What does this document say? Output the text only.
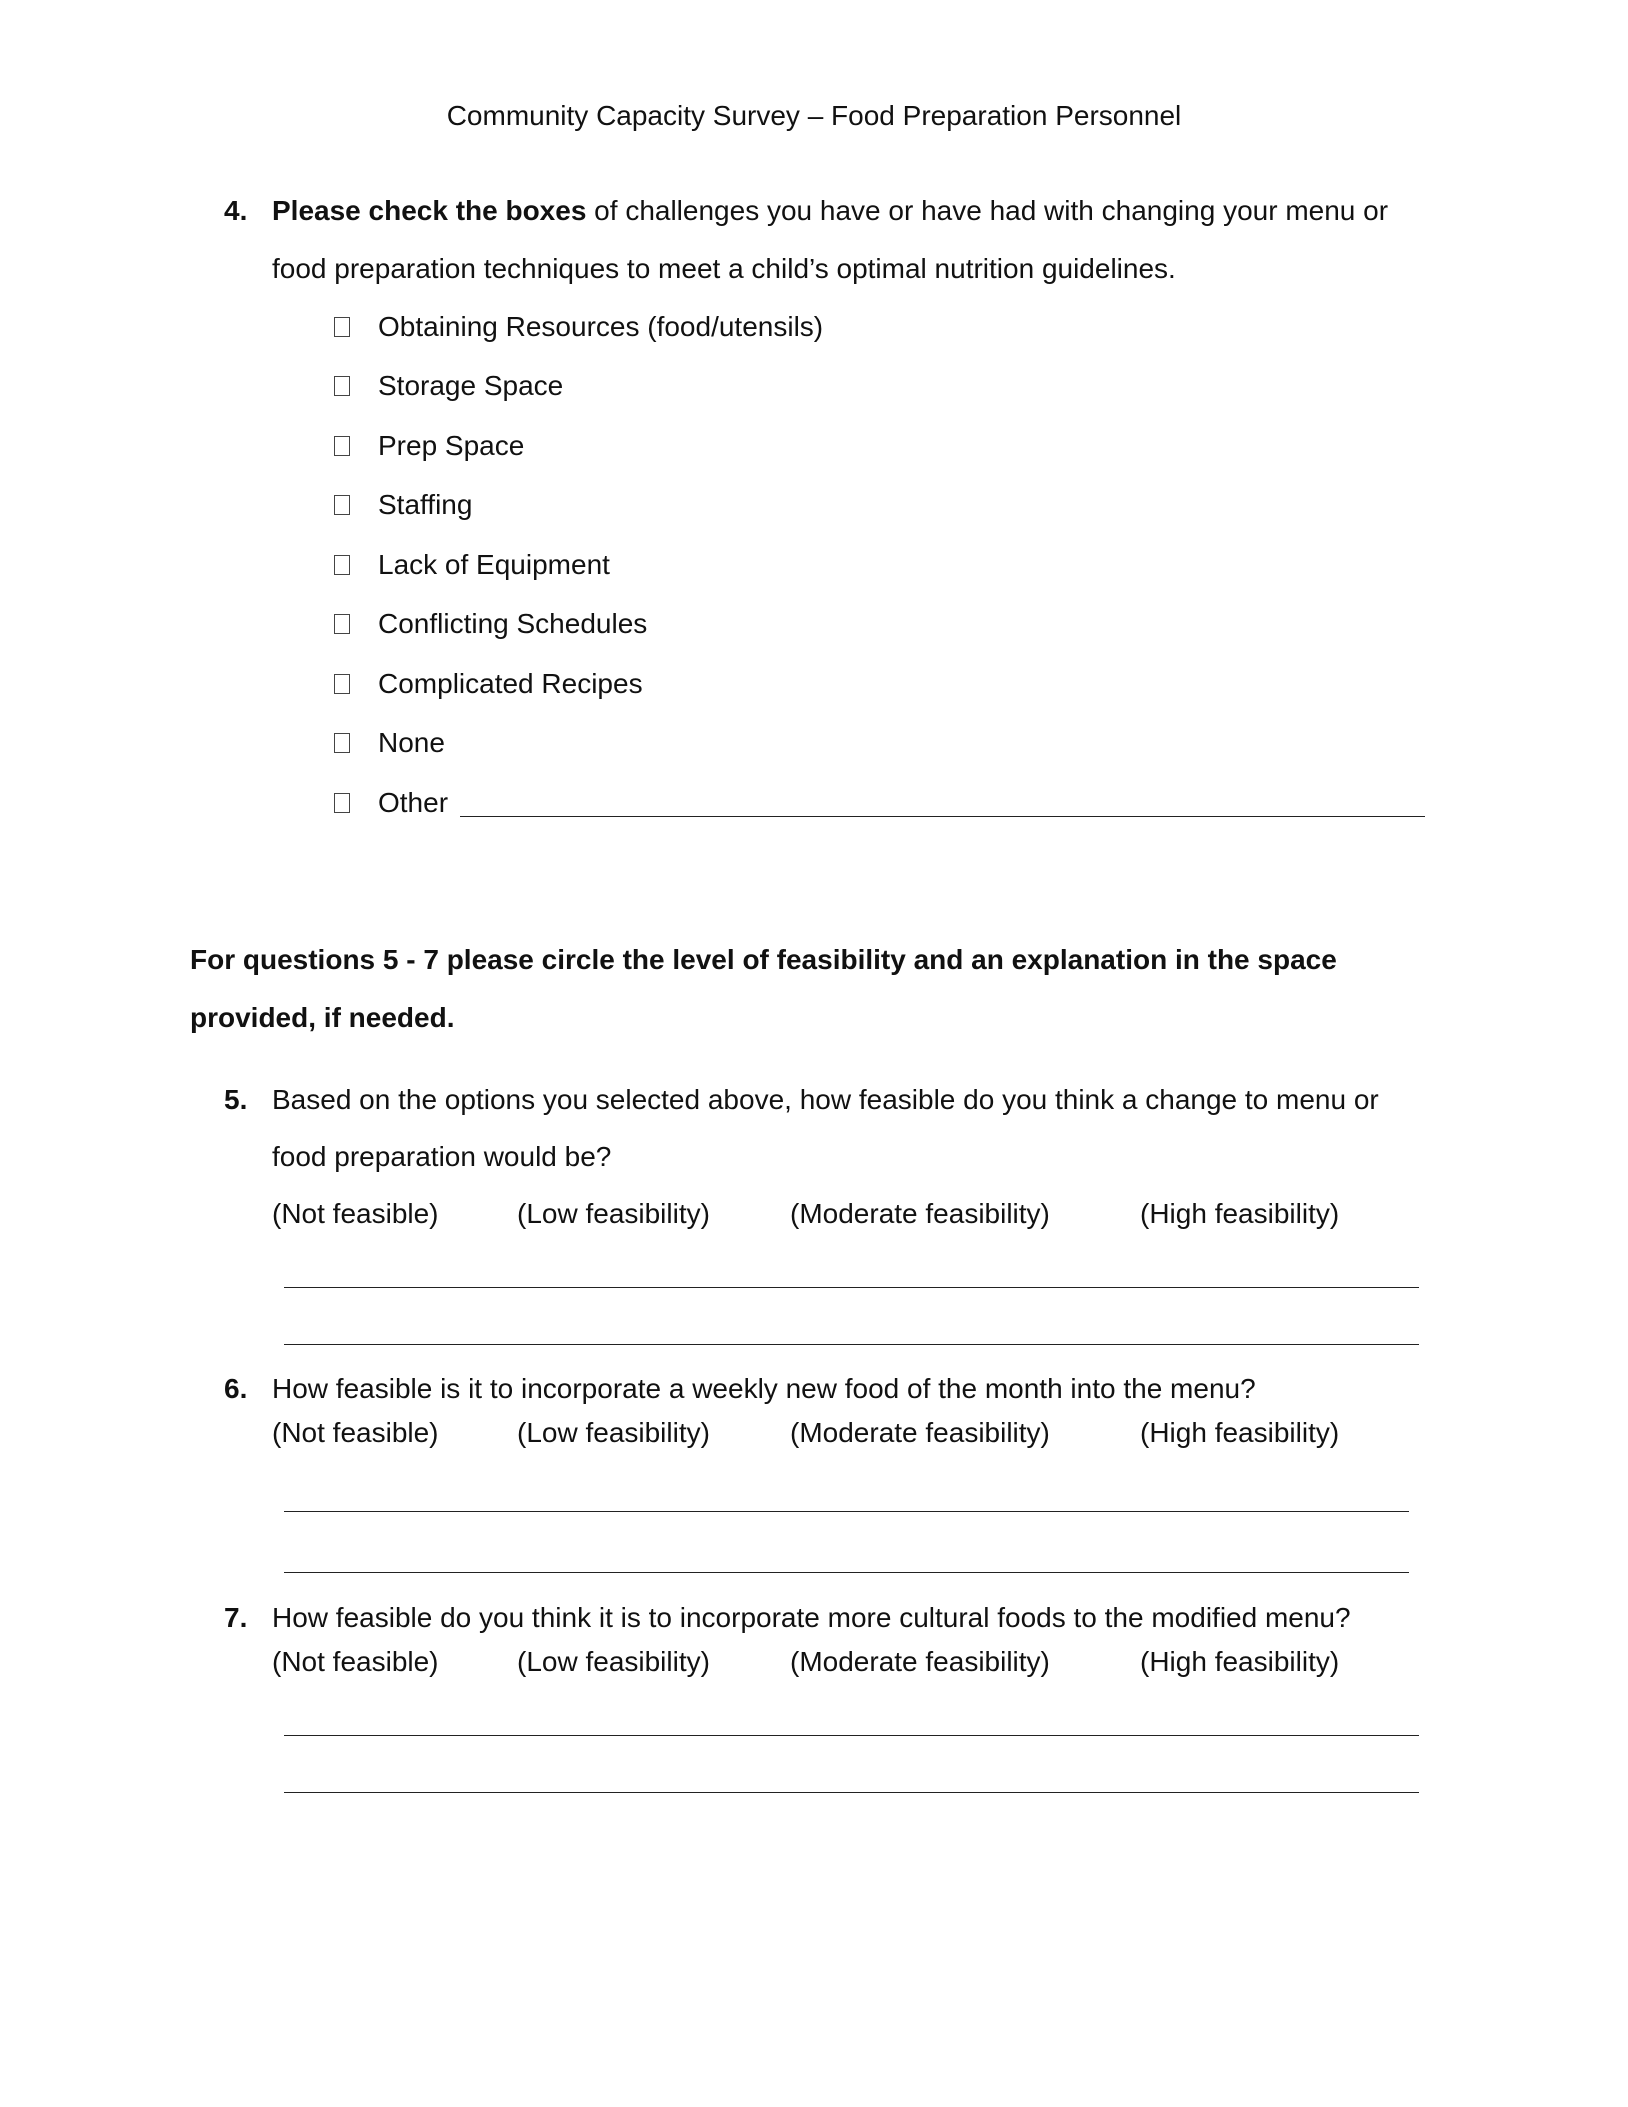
Community Capacity Survey – Food Preparation Personnel
4. Please check the boxes of challenges you have or have had with changing your menu or
food preparation techniques to meet a child’s optimal nutrition guidelines.
Obtaining Resources (food/utensils)
Storage Space
Prep Space
Staffing
Lack of Equipment
Conflicting Schedules
Complicated Recipes
None
Other
For questions 5 - 7 please circle the level of feasibility and an explanation in the space
provided, if needed.
5. Based on the options you selected above, how feasible do you think a change to menu or
food preparation would be?
(Not feasible)	(Low feasibility)	(Moderate feasibility)	(High feasibility)
6. How feasible is it to incorporate a weekly new food of the month into the menu?
(Not feasible)	(Low feasibility)	(Moderate feasibility)	(High feasibility)
7. How feasible do you think it is to incorporate more cultural foods to the modified menu?
(Not feasible)	(Low feasibility)	(Moderate feasibility)	(High feasibility)
